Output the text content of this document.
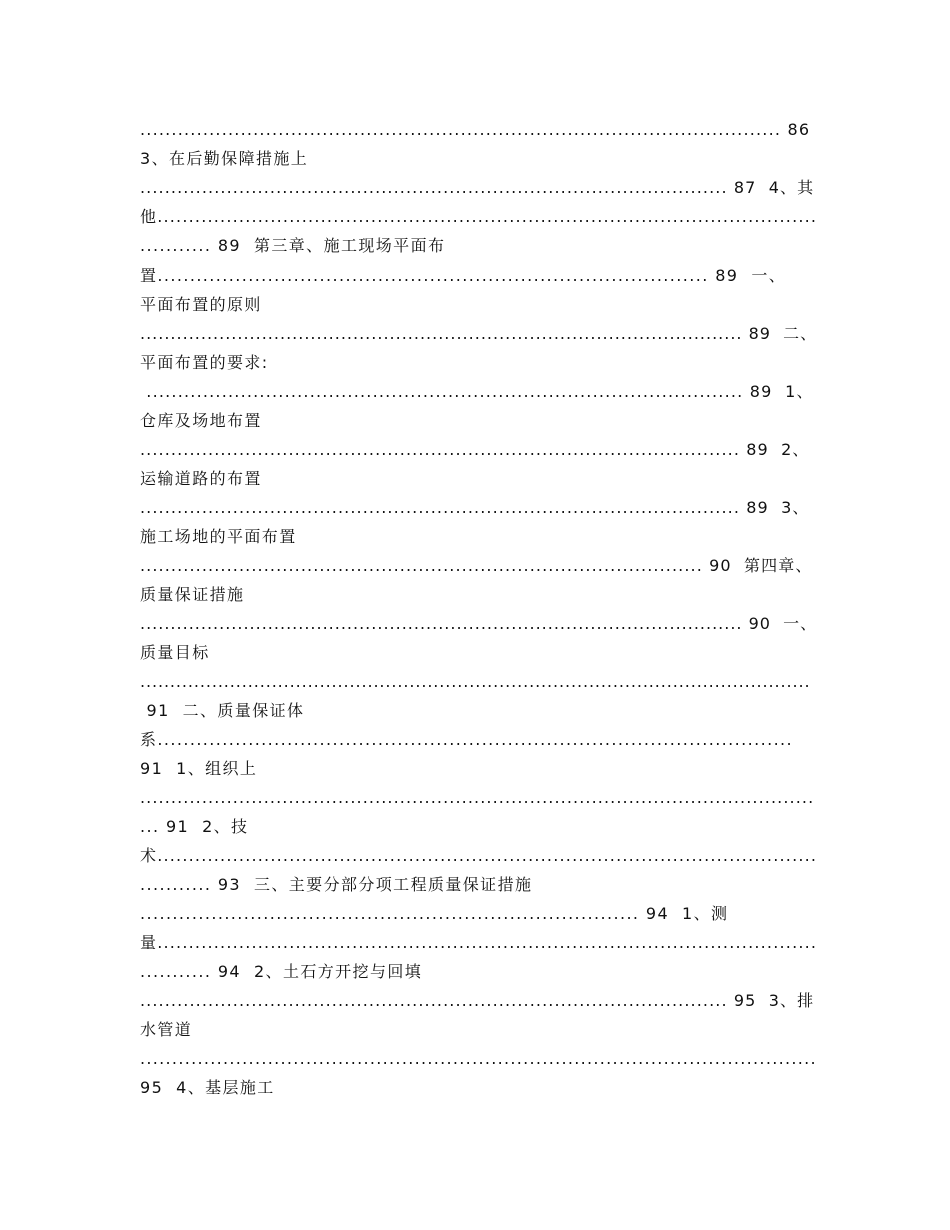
...................................................................................................... 86
3、在后勤保障措施上
............................................................................................... 87  4、其
他.........................................................................................................
........... 89  第三章、施工现场平面布
置..................................................................................... 89  一、
平面布置的原则
................................................................................................... 89  二、
平面布置的要求:
............................................................................................... 89  1、
仓库及场地布置
................................................................................................. 89  2、
运输道路的布置
................................................................................................. 89  3、
施工场地的平面布置
........................................................................................... 90  第四章、
质量保证措施
................................................................................................... 90  一、
质量目标
................................................................................................................
91  二、质量保证体
系..................................................................................................
91  1、组织上
.............................................................................................................
... 91  2、技
术.........................................................................................................
........... 93  三、主要分部分项工程质量保证措施
............................................................................. 94  1、测
量.........................................................................................................
........... 94  2、土石方开挖与回填
............................................................................................... 95  3、排
水管道
..........................................................................................................
95  4、基层施工
